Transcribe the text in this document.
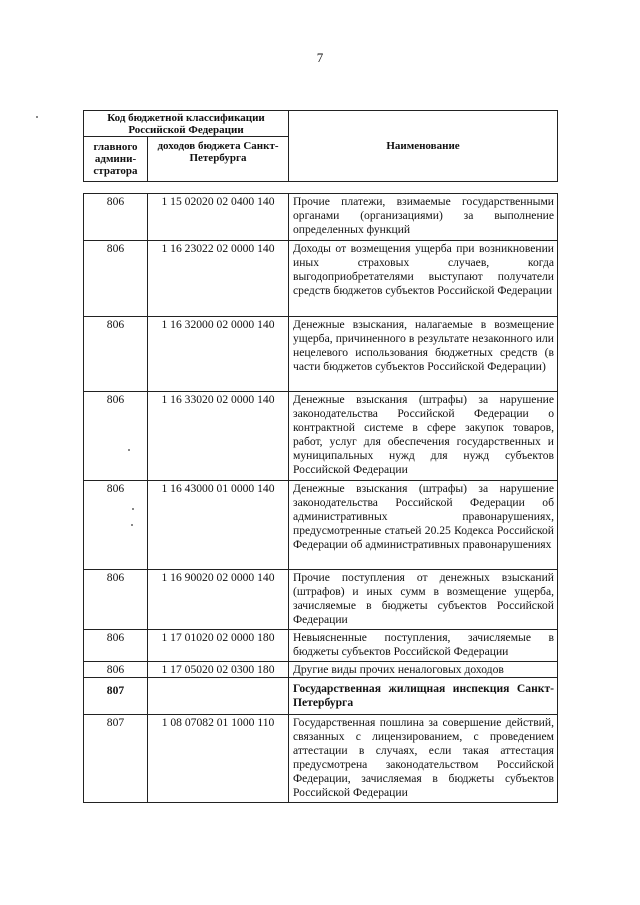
7
Код бюджетной классификации Российской Федерации		Наименование
главного админи-стратора	доходов бюджета Санкт-Петербурга	
806	1 15 02020 02 0400 140	Прочие платежи, взимаемые государственными органами (организациями) за выполнение определенных функций
806	1 16 23022 02 0000 140	Доходы от возмещения ущерба при возникновении иных страховых случаев, когда выгодоприобретателями выступают получатели средств бюджетов субъектов Российской Федерации
806	1 16 32000 02 0000 140	Денежные взыскания, налагаемые в возмещение ущерба, причиненного в результате незаконного или нецелевого использования бюджетных средств (в части бюджетов субъектов Российской Федерации)
806	1 16 33020 02 0000 140	Денежные взыскания (штрафы) за нарушение законодательства Российской Федерации о контрактной системе в сфере закупок товаров, работ, услуг для обеспечения государственных и муниципальных нужд для нужд субъектов Российской Федерации
806	1 16 43000 01 0000 140	Денежные взыскания (штрафы) за нарушение законодательства Российской Федерации об административных правонарушениях, предусмотренные статьей 20.25 Кодекса Российской Федерации об административных правонарушениях
806	1 16 90020 02 0000 140	Прочие поступления от денежных взысканий (штрафов) и иных сумм в возмещение ущерба, зачисляемые в бюджеты субъектов Российской Федерации
806	1 17 01020 02 0000 180	Невыясненные поступления, зачисляемые в бюджеты субъектов Российской Федерации
806	1 17 05020 02 0300 180	Другие виды прочих неналоговых доходов
807		Государственная жилищная инспекция Санкт-Петербурга
807	1 08 07082 01 1000 110	Государственная пошлина за совершение действий, связанных с лицензированием, с проведением аттестации в случаях, если такая аттестация предусмотрена законодательством Российской Федерации, зачисляемая в бюджеты субъектов Российской Федерации
